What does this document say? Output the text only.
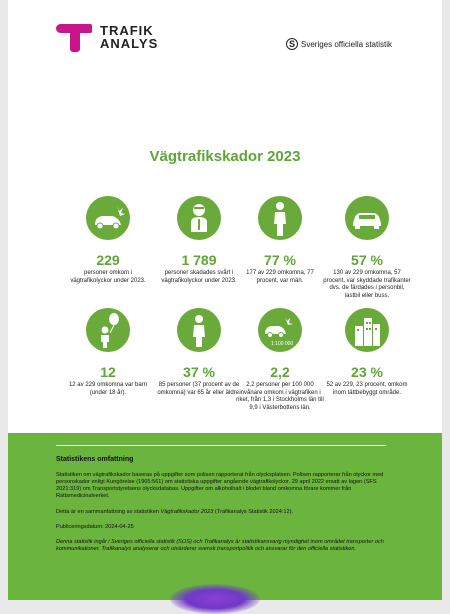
TRAFIK
ANALYS	S Sveriges officiella statistik
Vägtrafikskador 2023
229
personer omkom i vägtrafikolyckor under 2023.
1 789
personer skadades svårt i vägtrafikolyckor under 2023.
77 %
177 av 229 omkomna, 77 procent, var män.
57 %
130 av 229 omkomna, 57 procent, var skyddade trafikanter dvs. de färdades i personbil, lastbil eller buss.
12
12 av 229 omkomna var barn (under 18 år).
37 %
85 personer (37 procent av de omkomna) var 65 år eller äldre.
1:100 000
2,2
2,2 personer per 100 000 invånare omkom i vägtrafiken i riket, från 1,3 i Stockholms län till 9,9 i Västerbottens län.
23 %
52 av 229, 23 procent, omkom inom tättbebyggt område.
Statistikens omfattning
Statistiken om vägtrafikskador baseras på uppgifter som polisen rapporterat från olycksplatsen. Polisen rapporterar från olyckor med personskador enligt Kungörelse (1965:561) om statistiska uppgifter angående vägtrafikolyckor. 29 april 2022 ersatt av lagen (SFS 2021:319) om Transportstyrelsens olycksdatabas. Uppgifter om alkoholhalt i blodet bland omkomna förare kommer från Rättsmedicinalverket.
Detta är en sammanfattning av statistiken Vägtrafikskador 2023 (Trafikanalys Statistik 2024:12).
Publiceringsdatum: 2024-04-25
Denna statistik ingår i Sveriges officiella statistik (SOS) och Trafikanalys är statistikansvarig myndighet inom området transporter och kommunikationer. Trafikanalys analyserar och utvärderar svensk transportpolitik och ansvarar för den officiella statistiken.
